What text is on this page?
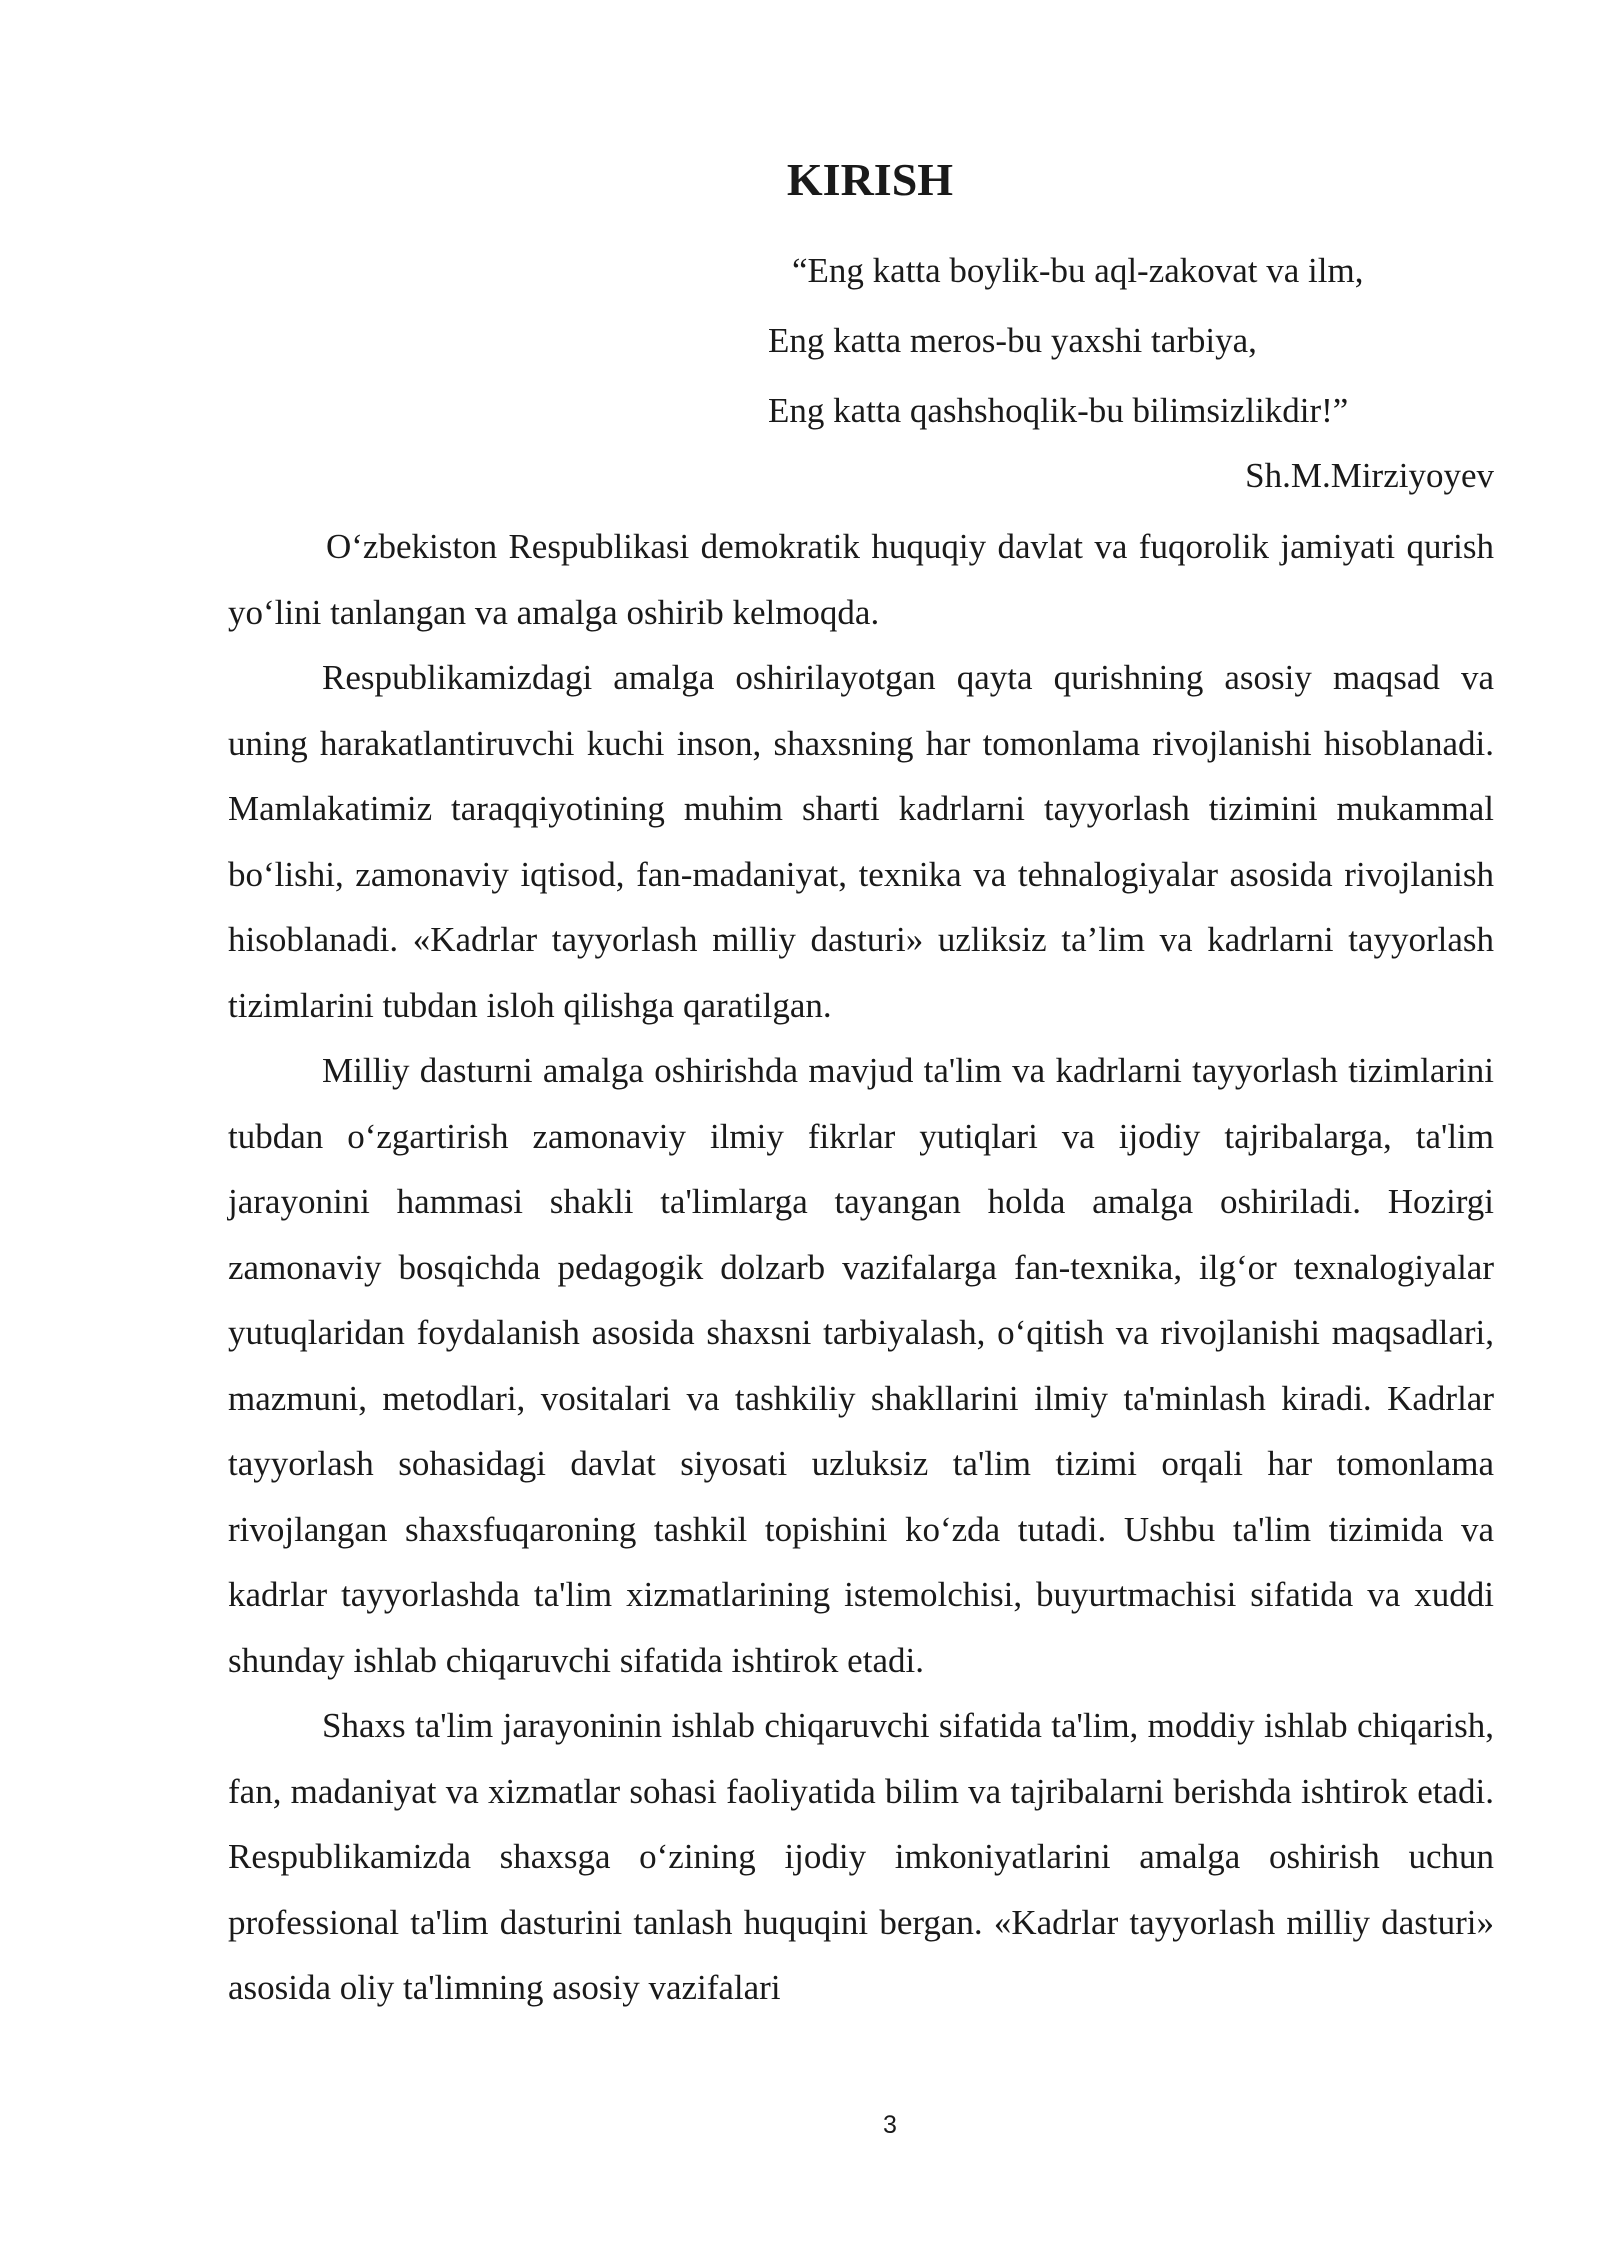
KIRISH
“Eng katta boylik-bu aql-zakovat va ilm,
Eng katta meros-bu yaxshi tarbiya,
Eng katta qashshoqlik-bu bilimsizlikdir!”
Sh.M.Mirziyoyev

O‘zbekiston Respublikasi demokratik huquqiy davlat va fuqorolik jamiyati qurish yo‘lini tanlangan va amalga oshirib kelmoqda.

Respublikamizdagi amalga oshirilayotgan qayta qurishning asosiy maqsad va uning harakatlantiruvchi kuchi inson, shaxsning har tomonlama rivojlanishi hisoblanadi. Mamlakatimiz taraqqiyotining muhim sharti kadrlarni tayyorlash tizimini mukammal bo‘lishi, zamonaviy iqtisod, fan-madaniyat, texnika va tehnalogiyalar asosida rivojlanish hisoblanadi. «Kadrlar tayyorlash milliy dasturi» uzliksiz ta’lim va kadrlarni tayyorlash tizimlarini tubdan isloh qilishga qaratilgan.

Milliy dasturni amalga oshirishda mavjud ta'lim va kadrlarni tayyorlash tizimlarini tubdan o‘zgartirish zamonaviy ilmiy fikrlar yutiqlari va ijodiy tajribalarga, ta'lim jarayonini hammasi shakli ta'limlarga tayangan holda amalga oshiriladi. Hozirgi zamonaviy bosqichda pedagogik dolzarb vazifalarga fan-texnika, ilg‘or texnalogiyalar yutuqlaridan foydalanish asosida shaxsni tarbiyalash, o‘qitish va rivojlanishi maqsadlari, mazmuni, metodlari, vositalari va tashkiliy shakllarini ilmiy ta'minlash kiradi. Kadrlar tayyorlash sohasidagi davlat siyosati uzluksiz ta'lim tizimi orqali har tomonlama rivojlangan shaxsfuqaroning tashkil topishini ko‘zda tutadi. Ushbu ta'lim tizimida va kadrlar tayyorlashda ta'lim xizmatlarining istemolchisi, buyurtmachisi sifatida va xuddi shunday ishlab chiqaruvchi sifatida ishtirok etadi.

Shaxs ta'lim jarayoninin ishlab chiqaruvchi sifatida ta'lim, moddiy ishlab chiqarish, fan, madaniyat va xizmatlar sohasi faoliyatida bilim va tajribalarni berishda ishtirok etadi. Respublikamizda shaxsga o‘zining ijodiy imkoniyatlarini amalga oshirish uchun professional ta'lim dasturini tanlash huquqini bergan. «Kadrlar tayyorlash milliy dasturi» asosida oliy ta'limning asosiy vazifalari

3
